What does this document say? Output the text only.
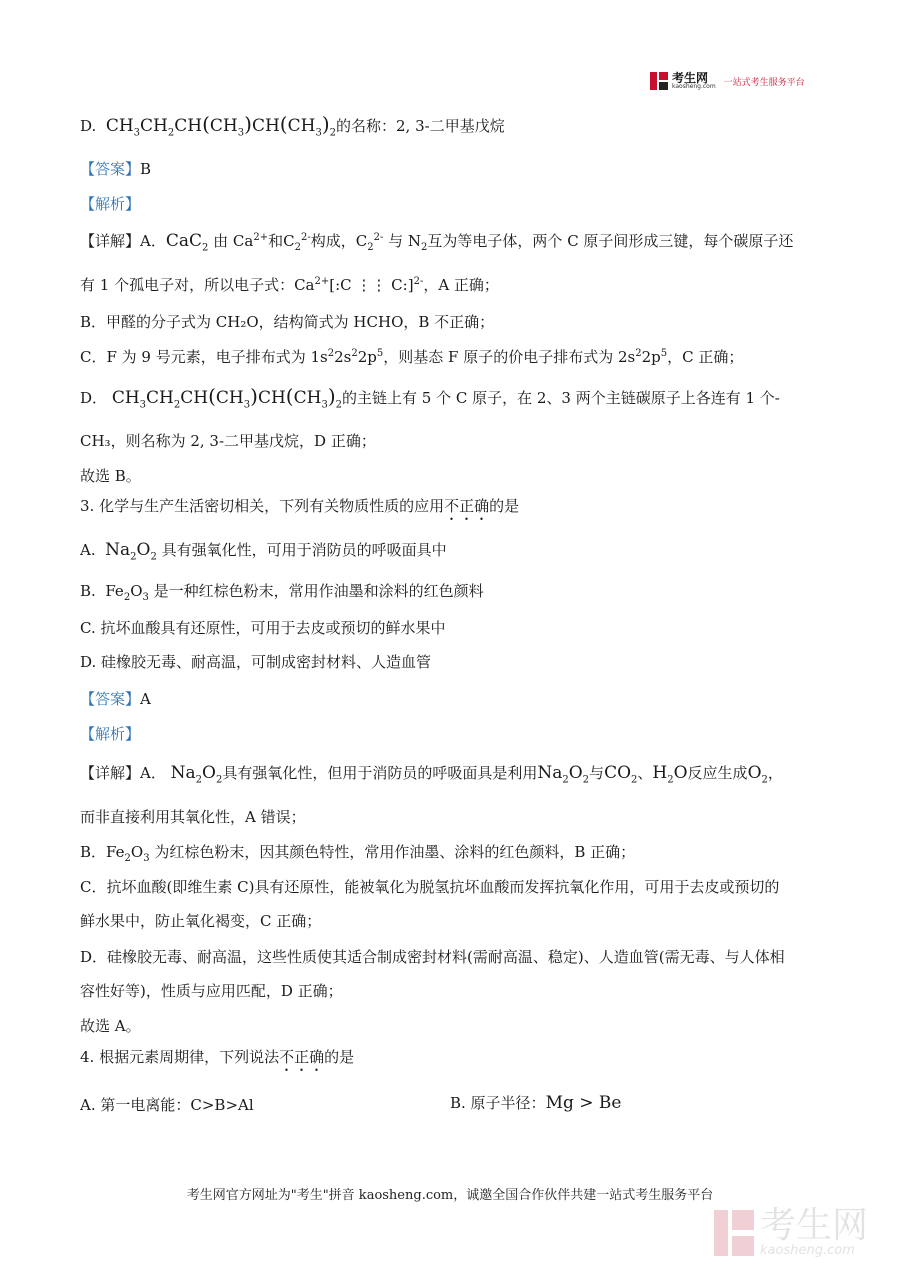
考生网
kaosheng.com 一站式考生服务平台
D. $CH_3CH_2CH(CH_3)CH(CH_3)_2$的名称：2, 3-二甲基戊烷
【答案】B
【解析】
【详解】A．CaC$_2$ 由 $Ca^{2+}$和$C_2^{2-}$构成，$C_2^{2-}$ 与 $N_2$互为等电子体，两个 C 原子间形成三键，每个碳原子还
有 1 个孤电子对，所以电子式：$Ca^{2+}[:C$ ⋮⋮ C:]$^{2-}$，A 正确；
B．甲醛的分子式为 CH₂O，结构简式为 HCHO，B 不正确；
C．F 为 9 号元素，电子排布式为 $1s^22s^22p^5$，则基态 F 原子的价电子排布式为 $2s^22p^5$，C 正确；
D． $CH_3CH_2CH(CH_3)CH(CH_3)_2$的主链上有 5 个 C 原子，在 2、3 两个主链碳原子上各连有 1 个-
CH₃，则名称为 2, 3-二甲基戊烷，D 正确；
故选 B。
3. 化学与生产生活密切相关，下列有关物质性质的应用不正确的是
A. $Na_2O_2$ 具有强氧化性，可用于消防员的呼吸面具中
B. $Fe_2O_3$ 是一种红棕色粉末，常用作油墨和涂料的红色颜料
C. 抗坏血酸具有还原性，可用于去皮或预切的鲜水果中
D. 硅橡胶无毒、耐高温，可制成密封材料、人造血管
【答案】A
【解析】
【详解】A． $Na_2O_2$具有强氧化性，但用于消防员的呼吸面具是利用$Na_2O_2$与$CO_2$、$H_2O$反应生成$O_2$，
而非直接利用其氧化性，A 错误；
B．$Fe_2O_3$ 为红棕色粉末，因其颜色特性，常用作油墨、涂料的红色颜料，B 正确；
C．抗坏血酸(即维生素 C)具有还原性，能被氧化为脱氢抗坏血酸而发挥抗氧化作用，可用于去皮或预切的
鲜水果中，防止氧化褐变，C 正确；
D．硅橡胶无毒、耐高温，这些性质使其适合制成密封材料(需耐高温、稳定)、人造血管(需无毒、与人体相
容性好等)，性质与应用匹配，D 正确；
故选 A。
4. 根据元素周期律，下列说法不正确的是
A. 第一电离能：C>B>Al	B. 原子半径：Mg > Be
考生网官方网址为"考生"拼音 kaosheng.com，诚邀全国合作伙伴共建一站式考生服务平台
考生网
kaosheng.com
